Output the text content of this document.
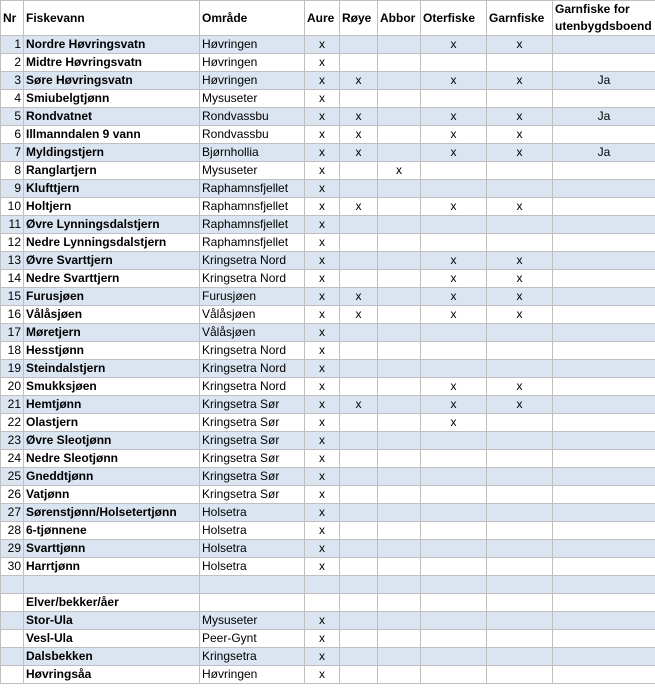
Nr	Fiskevann	Område	Aure	Røye	Abbor	Oterfiske	Garnfiske	Garnfiske for utenbygdsboend
1	Nordre Høvringsvatn	Høvringen	x			x	x	
2	Midtre Høvringsvatn	Høvringen	x					
3	Søre Høvringsvatn	Høvringen	x	x		x	x	Ja
4	Smiubelgtjønn	Mysuseter	x					
5	Rondvatnet	Rondvassbu	x	x		x	x	Ja
6	Illmanndalen 9 vann	Rondvassbu	x	x		x	x	
7	Myldingstjern	Bjørnhollia	x	x		x	x	Ja
8	Ranglartjern	Mysuseter	x		x			
9	Klufttjern	Raphamnsfjellet	x					
10	Holtjern	Raphamnsfjellet	x	x		x	x	
11	Øvre Lynningsdalstjern	Raphamnsfjellet	x					
12	Nedre Lynningsdalstjern	Raphamnsfjellet	x					
13	Øvre Svarttjern	Kringsetra Nord	x			x	x	
14	Nedre Svarttjern	Kringsetra Nord	x			x	x	
15	Furusjøen	Furusjøen	x	x		x	x	
16	Vålåsjøen	Vålåsjøen	x	x		x	x	
17	Møretjern	Vålåsjøen	x					
18	Hesstjønn	Kringsetra Nord	x					
19	Steindalstjern	Kringsetra Nord	x					
20	Smukksjøen	Kringsetra Nord	x			x	x	
21	Hemtjønn	Kringsetra Sør	x	x		x	x	
22	Olastjern	Kringsetra Sør	x			x		
23	Øvre Sleotjønn	Kringsetra Sør	x					
24	Nedre Sleotjønn	Kringsetra Sør	x					
25	Gneddtjønn	Kringsetra Sør	x					
26	Vatjønn	Kringsetra Sør	x					
27	Sørenstjønn/Holsetertjønn	Holsetra	x					
28	6-tjønnene	Holsetra	x					
29	Svarttjønn	Holsetra	x					
30	Harrtjønn	Holsetra	x					

	Elver/bekker/åer							
	Stor-Ula	Mysuseter	x					
	Vesl-Ula	Peer-Gynt	x					
	Dalsbekken	Kringsetra	x					
	Høvringsåa	Høvringen	x					
